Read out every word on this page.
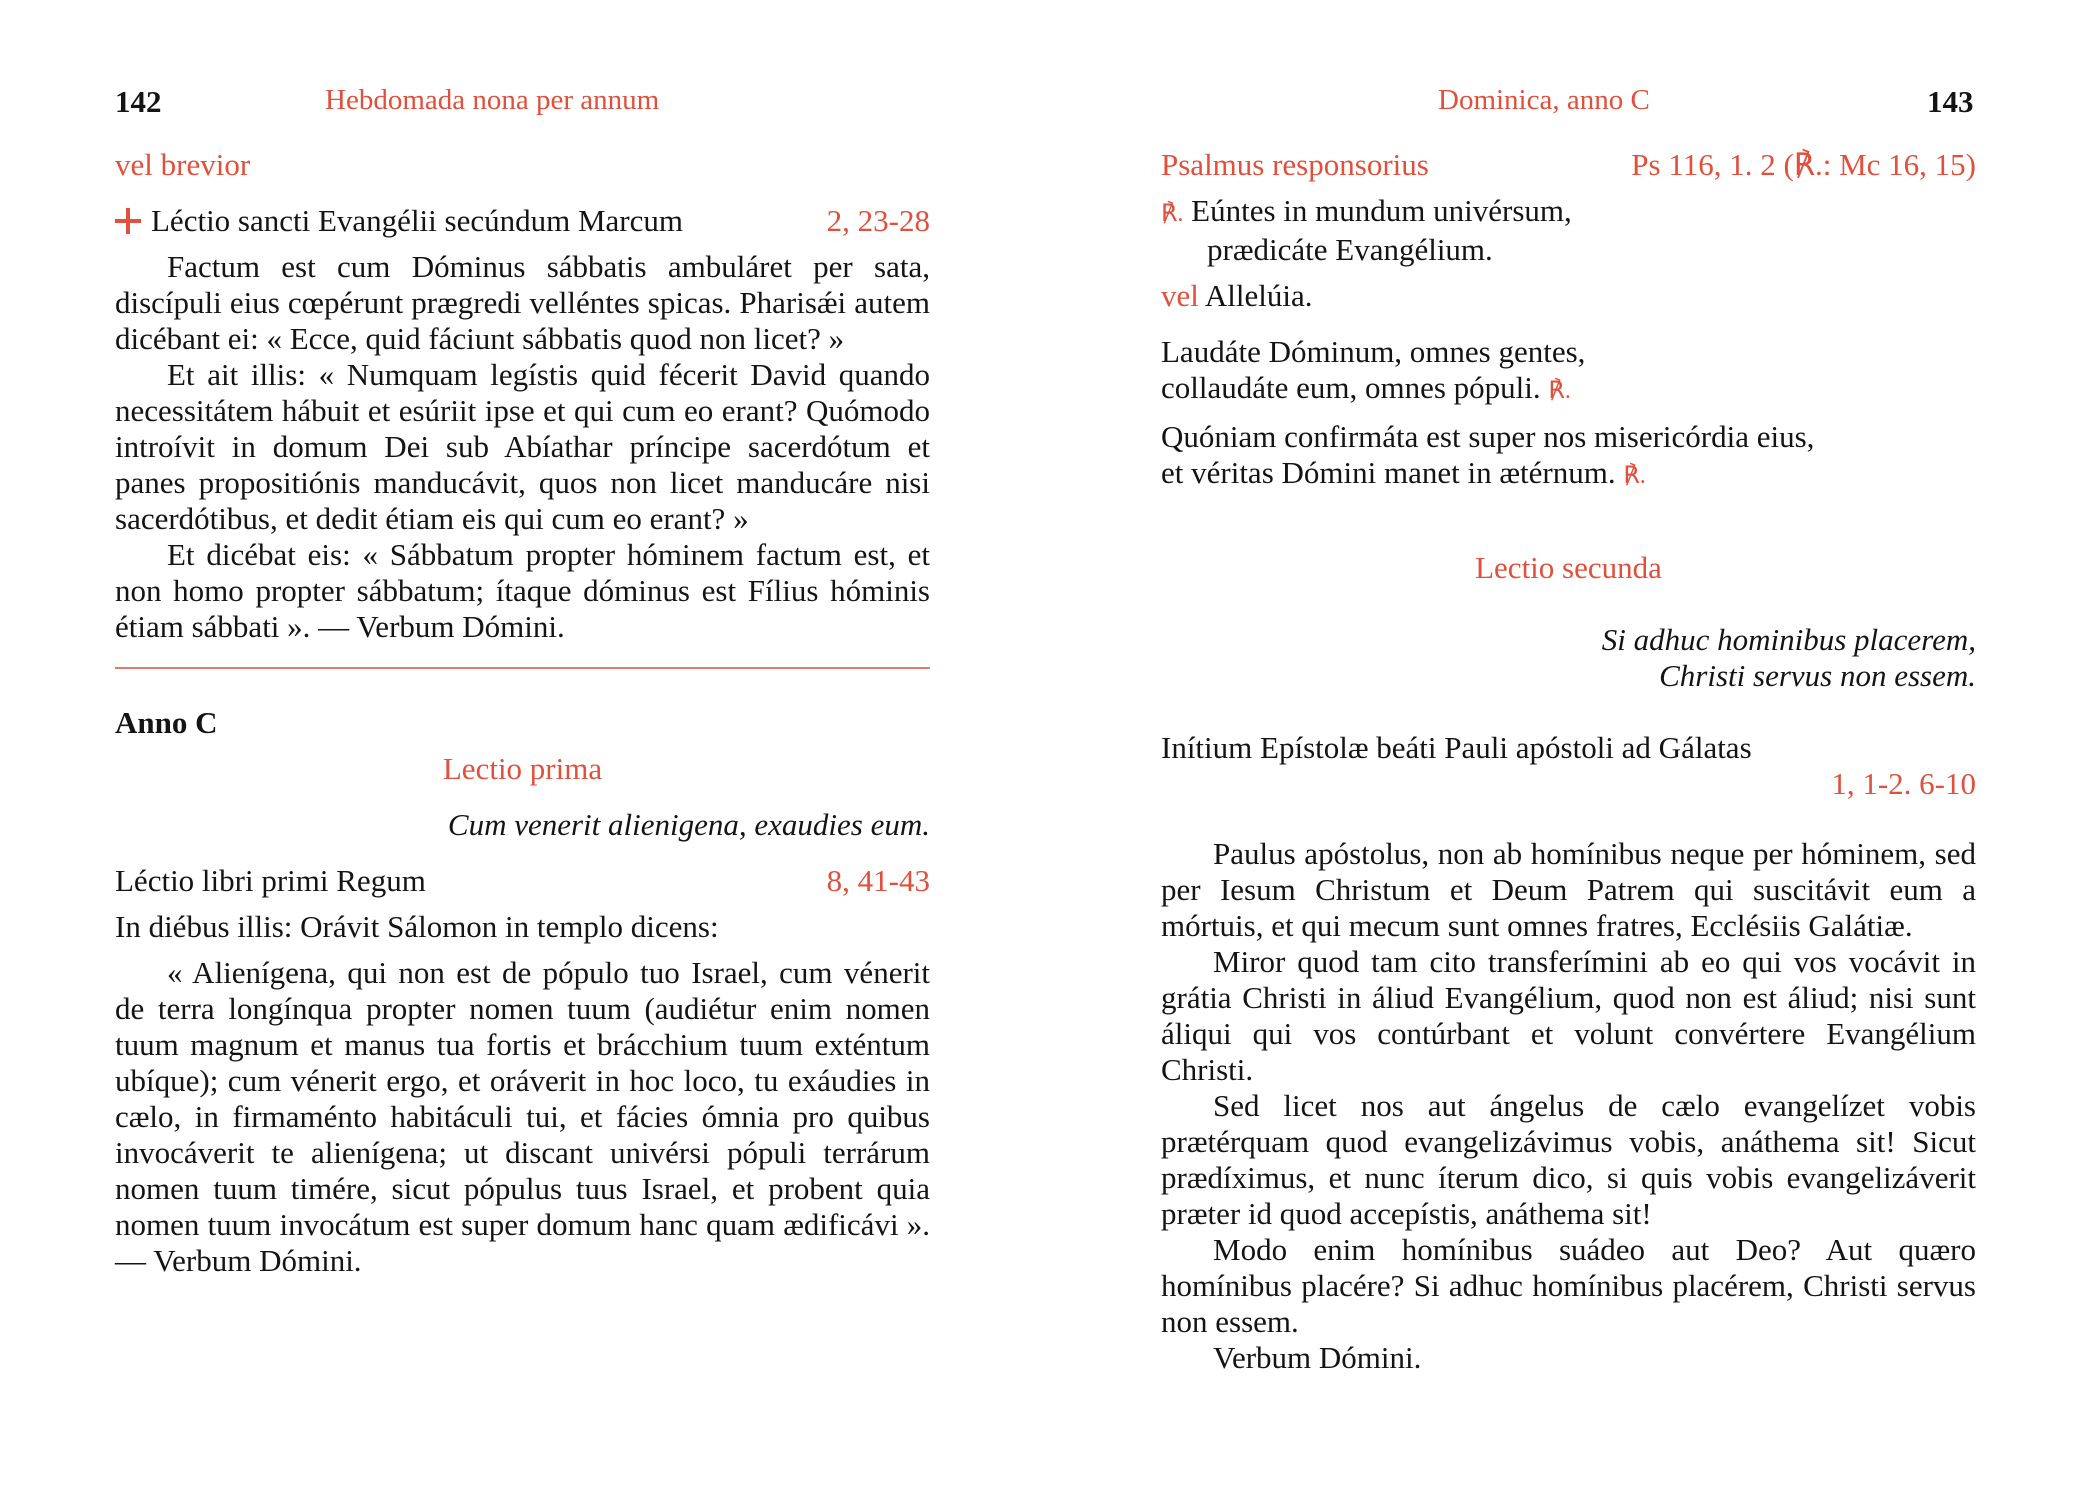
142	Hebdomada nona per annum

vel brevior

Léctio sancti Evangélii secúndum Marcum	2, 23-28

Factum est cum Dóminus sábbatis ambuláret per sata, discípuli eius cœpérunt prægredi velléntes spicas. Pharisǽi autem dicébant ei: « Ecce, quid fáciunt sábbatis quod non licet? »

Et ait illis: « Numquam legístis quid fécerit David quando necessitátem hábuit et esúriit ipse et qui cum eo erant? Quómodo introívit in domum Dei sub Abíathar príncipe sacerdótum et panes propositiónis manducávit, quos non licet manducáre nisi sacerdótibus, et dedit étiam eis qui cum eo erant? »

Et dicébat eis: « Sábbatum propter hóminem factum est, et non homo propter sábbatum; ítaque dóminus est Fílius hóminis étiam sábbati ». — Verbum Dómini.

Anno C

Lectio prima

Cum venerit alienigena, exaudies eum.

Léctio libri primi Regum	8, 41-43

In diébus illis: Orávit Sálomon in templo dicens:

« Alienígena, qui non est de pópulo tuo Israel, cum vénerit de terra longínqua propter nomen tuum (audiétur enim nomen tuum magnum et manus tua fortis et brácchium tuum exténtum ubíque); cum vénerit ergo, et oráverit in hoc loco, tu exáudies in cælo, in firmaménto habitáculi tui, et fácies ómnia pro quibus invocáverit te alienígena; ut discant univérsi pópuli terrárum nomen tuum timére, sicut pópulus tuus Israel, et probent quia nomen tuum invocátum est super domum hanc quam ædificávi ». — Verbum Dómini.

Dominica, anno C	143
Psalmus responsorius	Ps 116, 1. 2 (℟.: Mc 16, 15)

℟. Eúntes in mundum univérsum,

prædicáte Evangélium.

vel Allelúia.

Laudáte Dóminum, omnes gentes,

collaudáte eum, omnes pópuli. ℟.

Quóniam confirmáta est super nos misericórdia eius,

et véritas Dómini manet in ætérnum. ℟.

Lectio secunda

Si adhuc hominibus placerem,

Christi servus non essem.

Inítium Epístolæ beáti Pauli apóstoli ad Gálatas

1, 1-2. 6-10

Paulus apóstolus, non ab homínibus neque per hóminem, sed per Iesum Christum et Deum Patrem qui suscitávit eum a mórtuis, et qui mecum sunt omnes fratres, Ecclésiis Galátiæ.

Miror quod tam cito transferímini ab eo qui vos vocávit in grátia Christi in áliud Evangélium, quod non est áliud; nisi sunt áliqui qui vos contúrbant et volunt convértere Evangélium Christi.

Sed licet nos aut ángelus de cælo evangelízet vobis prætérquam quod evangelizávimus vobis, anáthema sit! Sicut prædíximus, et nunc íterum dico, si quis vobis evangelizáverit præter id quod accepístis, anáthema sit!

Modo enim homínibus suádeo aut Deo? Aut quæro homínibus placére? Si adhuc homínibus placérem, Christi servus non essem.

Verbum Dómini.
